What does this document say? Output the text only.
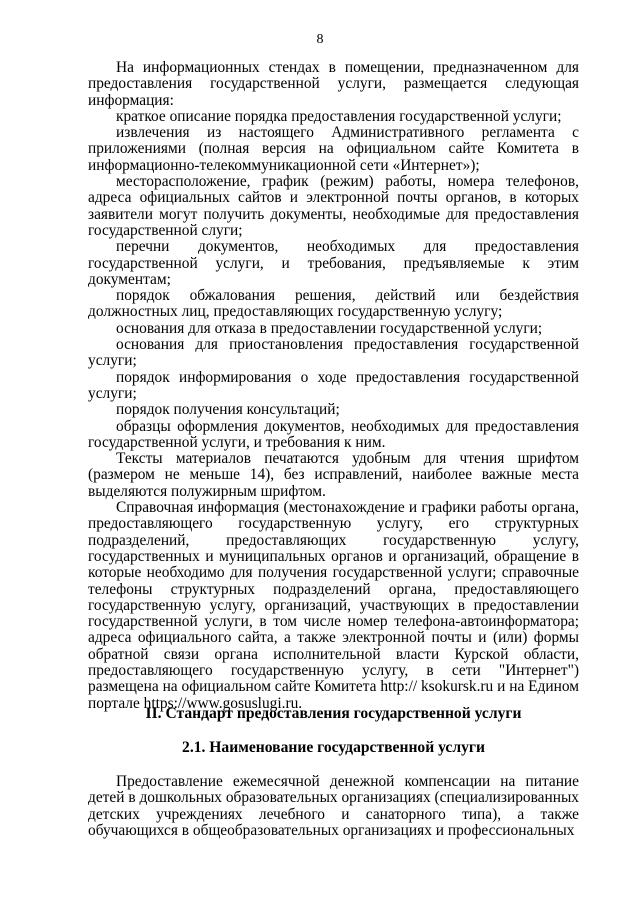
8

На информационных стендах в помещении, предназначенном для предоставления государственной услуги, размещается следующая информация:

краткое описание порядка предоставления государственной услуги;

извлечения из настоящего Административного регламента с приложениями (полная версия на официальном сайте Комитета в информационно-телекоммуникационной сети «Интернет»);

месторасположение, график (режим) работы, номера телефонов, адреса официальных сайтов и электронной почты органов, в которых заявители могут получить документы, необходимые для предоставления государственной слуги;

перечни документов, необходимых для предоставления государственной услуги, и требования, предъявляемые к этим документам;

порядок обжалования решения, действий или бездействия должностных лиц, предоставляющих государственную услугу;

основания для отказа в предоставлении государственной услуги;

основания для приостановления предоставления государственной услуги;

порядок информирования о ходе предоставления государственной услуги;

порядок получения консультаций;

образцы оформления документов, необходимых для предоставления государственной услуги, и требования к ним.

Тексты материалов печатаются удобным для чтения шрифтом (размером не меньше 14), без исправлений, наиболее важные места выделяются полужирным шрифтом.

Справочная информация (местонахождение и графики работы органа, предоставляющего государственную услугу, его структурных подразделений, предоставляющих государственную услугу, государственных и муниципальных органов и организаций, обращение в которые необходимо для получения государственной услуги; справочные телефоны структурных подразделений органа, предоставляющего государственную услугу, организаций, участвующих в предоставлении государственной услуги, в том числе номер телефона-автоинформатора; адреса официального сайта, а также электронной почты и (или) формы обратной связи органа исполнительной власти Курской области, предоставляющего государственную услугу, в сети "Интернет") размещена на официальном сайте Комитета http:// ksokursk.ru и на Едином портале https://www.gosuslugi.ru.

II. Стандарт предоставления государственной услуги
2.1. Наименование государственной услуги

Предоставление ежемесячной денежной компенсации на питание детей в дошкольных образовательных организациях (специализированных детских учреждениях лечебного и санаторного типа), а также обучающихся в общеобразовательных организациях и профессиональных
